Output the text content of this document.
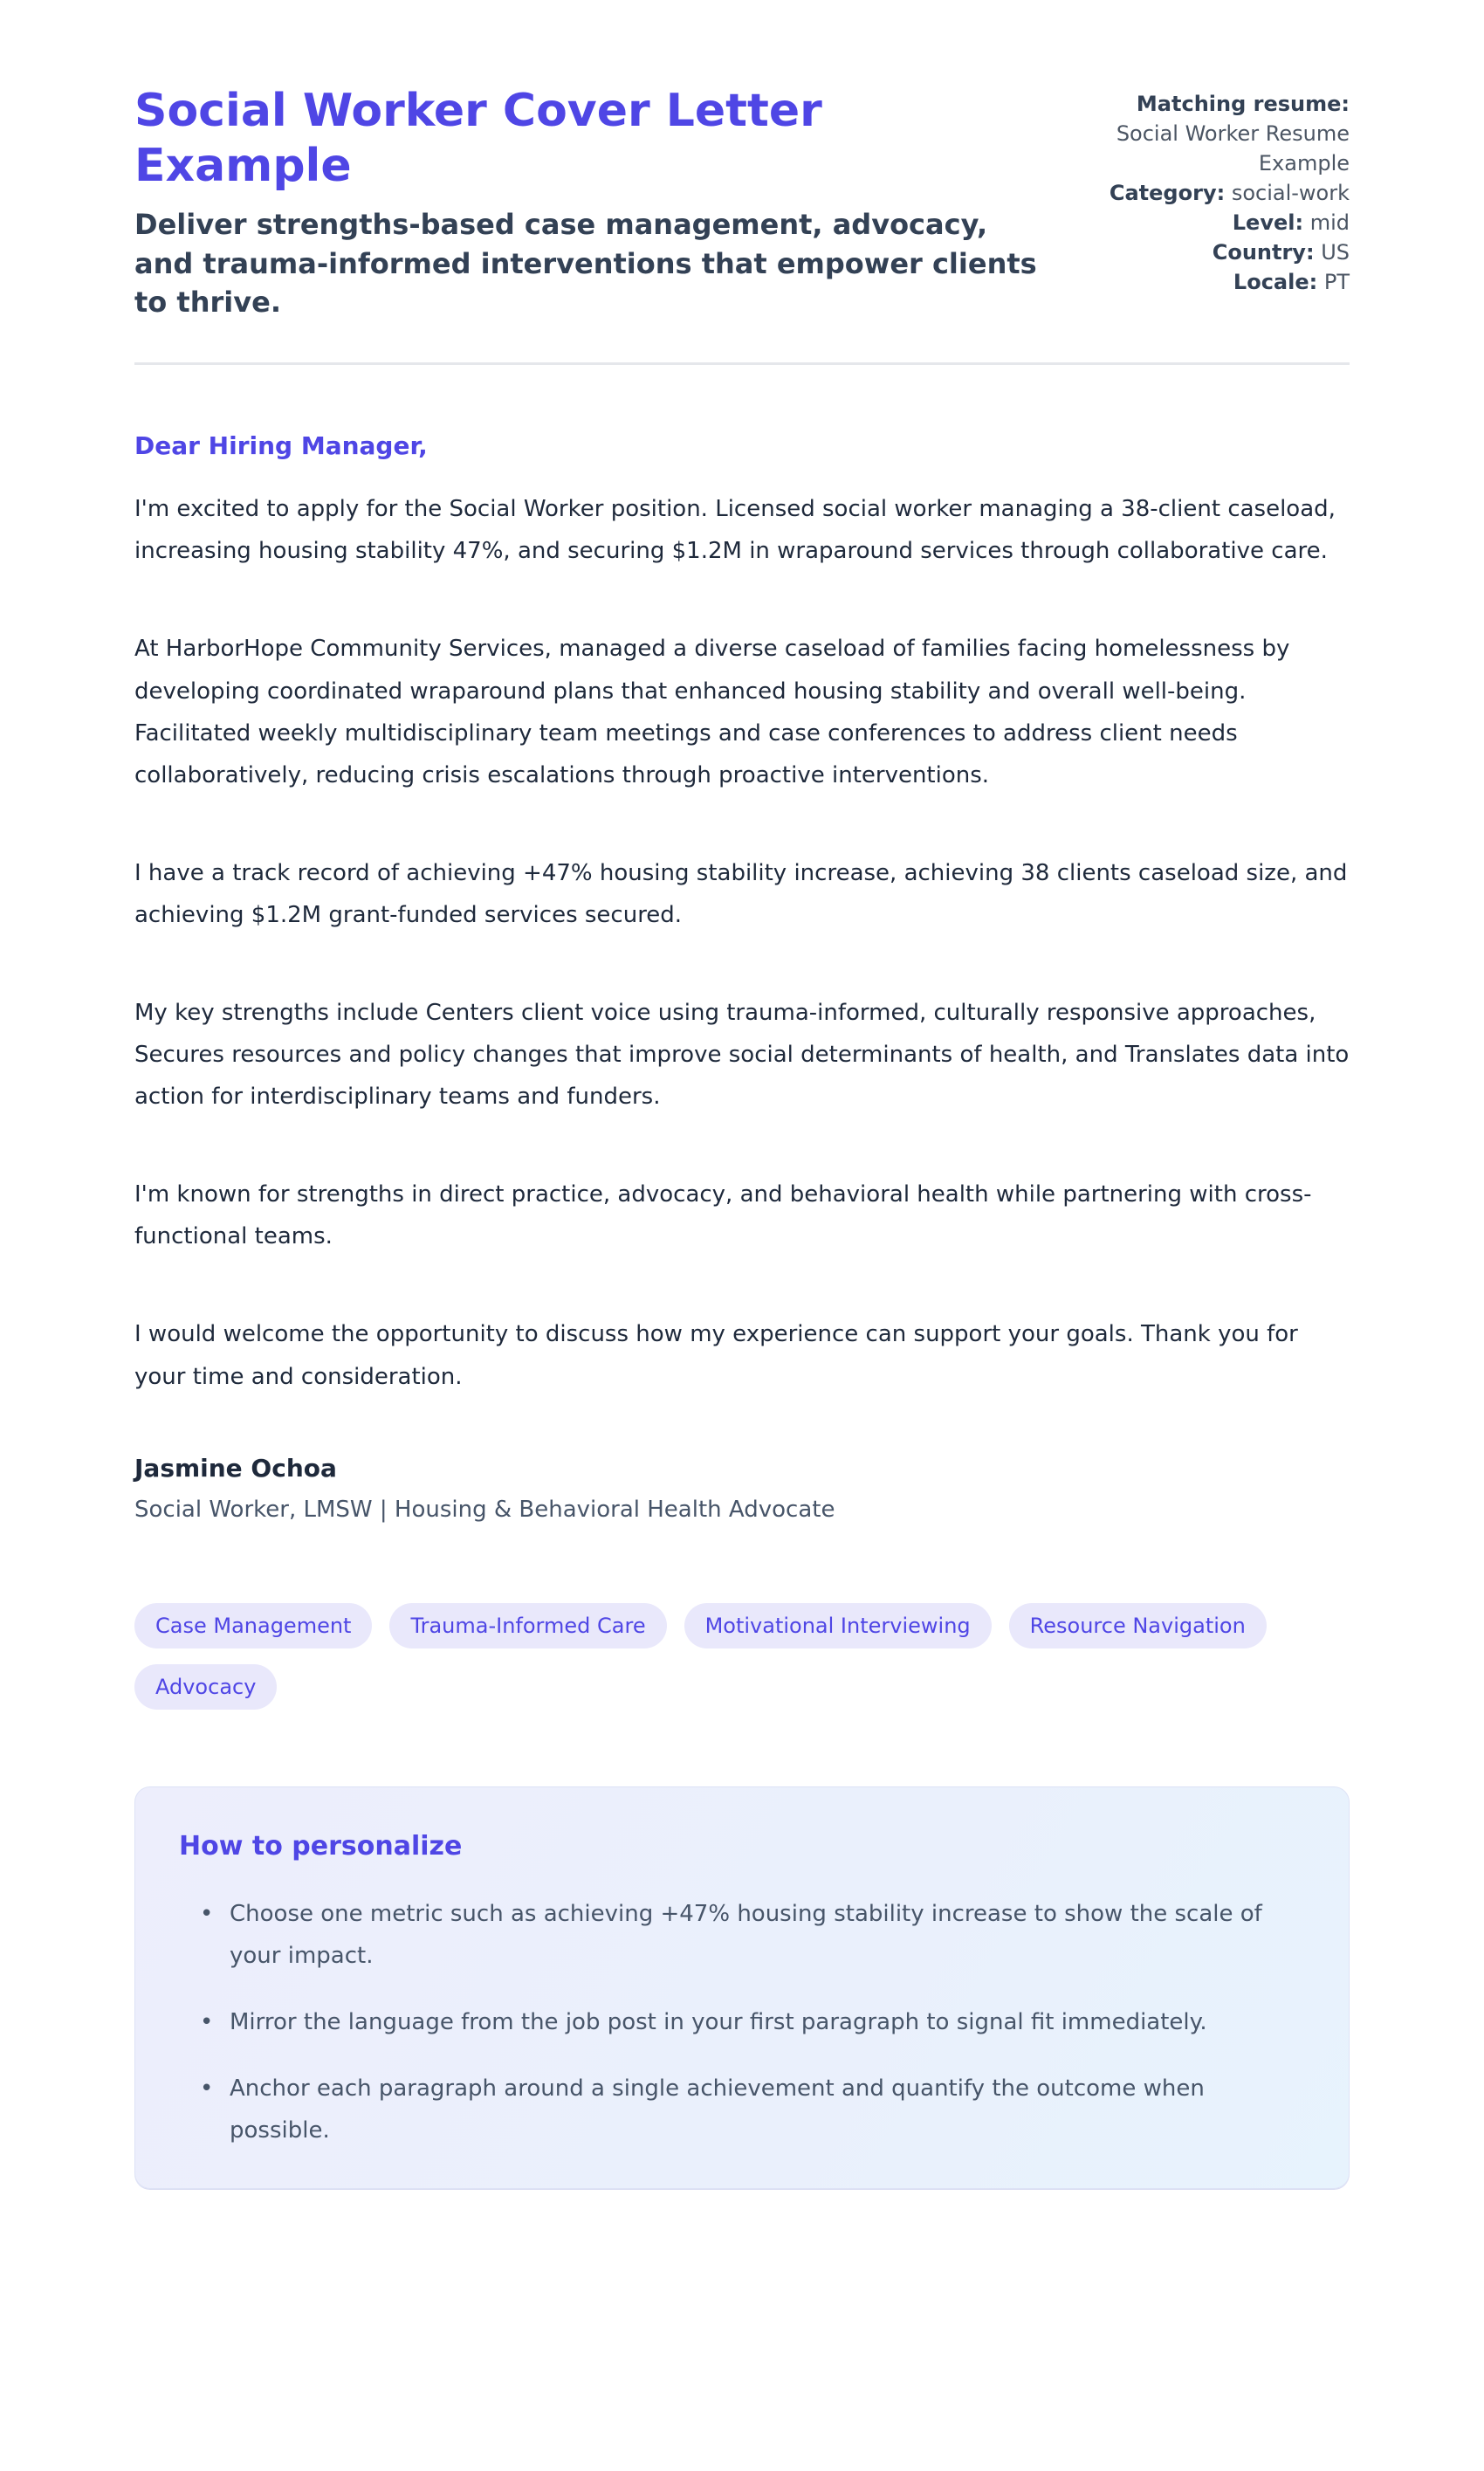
Social Worker Cover Letter Example

Deliver strengths-based case management, advocacy, and trauma-informed interventions that empower clients to thrive.

Matching resume: Social Worker Resume Example
Category: social-work
Level: mid
Country: US
Locale: PT

Dear Hiring Manager,

I'm excited to apply for the Social Worker position. Licensed social worker managing a 38-client caseload, increasing housing stability 47%, and securing $1.2M in wraparound services through collaborative care.

At HarborHope Community Services, managed a diverse caseload of families facing homelessness by developing coordinated wraparound plans that enhanced housing stability and overall well-being. Facilitated weekly multidisciplinary team meetings and case conferences to address client needs collaboratively, reducing crisis escalations through proactive interventions.

I have a track record of achieving +47% housing stability increase, achieving 38 clients caseload size, and achieving $1.2M grant-funded services secured.

My key strengths include Centers client voice using trauma-informed, culturally responsive approaches, Secures resources and policy changes that improve social determinants of health, and Translates data into action for interdisciplinary teams and funders.

I'm known for strengths in direct practice, advocacy, and behavioral health while partnering with cross-functional teams.

I would welcome the opportunity to discuss how my experience can support your goals. Thank you for your time and consideration.

Jasmine Ochoa

Social Worker, LMSW | Housing & Behavioral Health Advocate

Case Management	Trauma-Informed Care	Motivational Interviewing	Resource Navigation
Advocacy
How to personalize
• Choose one metric such as achieving +47% housing stability increase to show the scale of your impact.
• Mirror the language from the job post in your first paragraph to signal fit immediately.
• Anchor each paragraph around a single achievement and quantify the outcome when possible.
